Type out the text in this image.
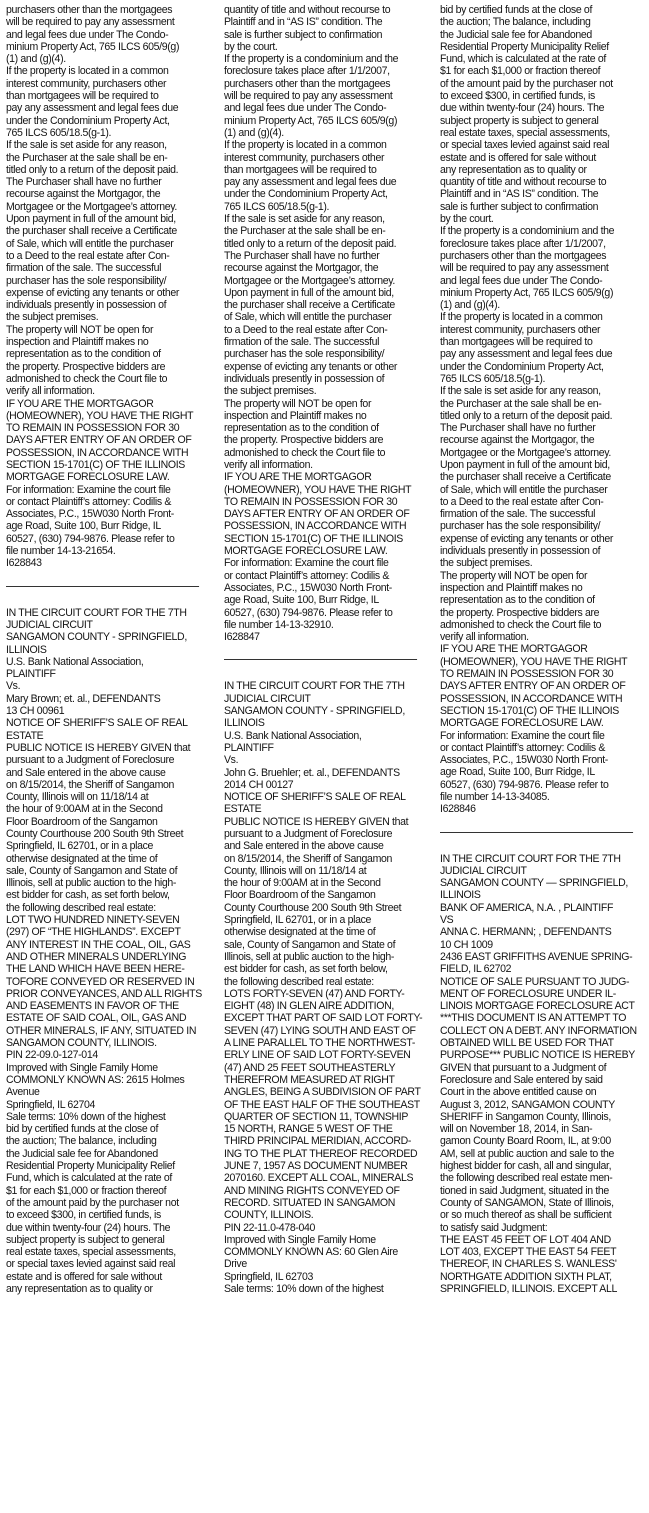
purchasers other than the mortgagees
will be required to pay any assessment
and legal fees due under The Condo-
minium Property Act, 765 ILCS 605/9(g)
(1) and (g)(4).
If the property is located in a common
interest community, purchasers other
than mortgagees will be required to
pay any assessment and legal fees due
under the Condominium Property Act,
765 ILCS 605/18.5(g-1).
If the sale is set aside for any reason,
the Purchaser at the sale shall be en-
titled only to a return of the deposit paid.
The Purchaser shall have no further
recourse against the Mortgagor, the
Mortgagee or the Mortgagee’s attorney.
Upon payment in full of the amount bid,
the purchaser shall receive a Certificate
of Sale, which will entitle the purchaser
to a Deed to the real estate after Con-
firmation of the sale. The successful
purchaser has the sole responsibility/
expense of evicting any tenants or other
individuals presently in possession of
the subject premises.
The property will NOT be open for
inspection and Plaintiff makes no
representation as to the condition of
the property. Prospective bidders are
admonished to check the Court file to
verify all information.
IF YOU ARE THE MORTGAGOR
(HOMEOWNER), YOU HAVE THE RIGHT
TO REMAIN IN POSSESSION FOR 30
DAYS AFTER ENTRY OF AN ORDER OF
POSSESSION, IN ACCORDANCE WITH
SECTION 15-1701(C) OF THE ILLINOIS
MORTGAGE FORECLOSURE LAW.
For information: Examine the court file
or contact Plaintiff’s attorney: Codilis &
Associates, P.C., 15W030 North Front-
age Road, Suite 100, Burr Ridge, IL
60527, (630) 794-9876. Please refer to
file number 14-13-21654.
I628843
IN THE CIRCUIT COURT FOR THE 7TH
JUDICIAL CIRCUIT
SANGAMON COUNTY - SPRINGFIELD,
ILLINOIS
U.S. Bank National Association,
PLAINTIFF
Vs.
Mary Brown; et. al., DEFENDANTS
13 CH 00961
NOTICE OF SHERIFF’S SALE OF REAL
ESTATE
PUBLIC NOTICE IS HEREBY GIVEN that
pursuant to a Judgment of Foreclosure
and Sale entered in the above cause
on 8/15/2014, the Sheriff of Sangamon
County, Illinois will on 11/18/14 at
the hour of 9:00AM at in the Second
Floor Boardroom of the Sangamon
County Courthouse 200 South 9th Street
Springfield, IL 62701, or in a place
otherwise designated at the time of
sale, County of Sangamon and State of
Illinois, sell at public auction to the high-
est bidder for cash, as set forth below,
the following described real estate:
LOT TWO HUNDRED NINETY-SEVEN
(297) OF “THE HIGHLANDS”. EXCEPT
ANY INTEREST IN THE COAL, OIL, GAS
AND OTHER MINERALS UNDERLYING
THE LAND WHICH HAVE BEEN HERE-
TOFORE CONVEYED OR RESERVED IN
PRIOR CONVEYANCES, AND ALL RIGHTS
AND EASEMENTS IN FAVOR OF THE
ESTATE OF SAID COAL, OIL, GAS AND
OTHER MINERALS, IF ANY, SITUATED IN
SANGAMON COUNTY, ILLINOIS.
PIN 22-09.0-127-014
Improved with Single Family Home
COMMONLY KNOWN AS: 2615 Holmes
Avenue
Springfield, IL 62704
Sale terms: 10% down of the highest
bid by certified funds at the close of
the auction; The balance, including
the Judicial sale fee for Abandoned
Residential Property Municipality Relief
Fund, which is calculated at the rate of
$1 for each $1,000 or fraction thereof
of the amount paid by the purchaser not
to exceed $300, in certified funds, is
due within twenty-four (24) hours. The
subject property is subject to general
real estate taxes, special assessments,
or special taxes levied against said real
estate and is offered for sale without
any representation as to quality or
quantity of title and without recourse to
Plaintiff and in “AS IS” condition. The
sale is further subject to confirmation
by the court.
If the property is a condominium and the
foreclosure takes place after 1/1/2007,
purchasers other than the mortgagees
will be required to pay any assessment
and legal fees due under The Condo-
minium Property Act, 765 ILCS 605/9(g)
(1) and (g)(4).
If the property is located in a common
interest community, purchasers other
than mortgagees will be required to
pay any assessment and legal fees due
under the Condominium Property Act,
765 ILCS 605/18.5(g-1).
If the sale is set aside for any reason,
the Purchaser at the sale shall be en-
titled only to a return of the deposit paid.
The Purchaser shall have no further
recourse against the Mortgagor, the
Mortgagee or the Mortgagee’s attorney.
Upon payment in full of the amount bid,
the purchaser shall receive a Certificate
of Sale, which will entitle the purchaser
to a Deed to the real estate after Con-
firmation of the sale. The successful
purchaser has the sole responsibility/
expense of evicting any tenants or other
individuals presently in possession of
the subject premises.
The property will NOT be open for
inspection and Plaintiff makes no
representation as to the condition of
the property. Prospective bidders are
admonished to check the Court file to
verify all information.
IF YOU ARE THE MORTGAGOR
(HOMEOWNER), YOU HAVE THE RIGHT
TO REMAIN IN POSSESSION FOR 30
DAYS AFTER ENTRY OF AN ORDER OF
POSSESSION, IN ACCORDANCE WITH
SECTION 15-1701(C) OF THE ILLINOIS
MORTGAGE FORECLOSURE LAW.
For information: Examine the court file
or contact Plaintiff’s attorney: Codilis &
Associates, P.C., 15W030 North Front-
age Road, Suite 100, Burr Ridge, IL
60527, (630) 794-9876. Please refer to
file number 14-13-32910.
I628847
IN THE CIRCUIT COURT FOR THE 7TH
JUDICIAL CIRCUIT
SANGAMON COUNTY - SPRINGFIELD,
ILLINOIS
U.S. Bank National Association,
PLAINTIFF
Vs.
John G. Bruehler; et. al., DEFENDANTS
2014 CH 00127
NOTICE OF SHERIFF’S SALE OF REAL
ESTATE
PUBLIC NOTICE IS HEREBY GIVEN that
pursuant to a Judgment of Foreclosure
and Sale entered in the above cause
on 8/15/2014, the Sheriff of Sangamon
County, Illinois will on 11/18/14 at
the hour of 9:00AM at in the Second
Floor Boardroom of the Sangamon
County Courthouse 200 South 9th Street
Springfield, IL 62701, or in a place
otherwise designated at the time of
sale, County of Sangamon and State of
Illinois, sell at public auction to the high-
est bidder for cash, as set forth below,
the following described real estate:
LOTS FORTY-SEVEN (47) AND FORTY-
EIGHT (48) IN GLEN AIRE ADDITION,
EXCEPT THAT PART OF SAID LOT FORTY-
SEVEN (47) LYING SOUTH AND EAST OF
A LINE PARALLEL TO THE NORTHWEST-
ERLY LINE OF SAID LOT FORTY-SEVEN
(47) AND 25 FEET SOUTHEASTERLY
THEREFROM MEASURED AT RIGHT
ANGLES, BEING A SUBDIVISION OF PART
OF THE EAST HALF OF THE SOUTHEAST
QUARTER OF SECTION 11, TOWNSHIP
15 NORTH, RANGE 5 WEST OF THE
THIRD PRINCIPAL MERIDIAN, ACCORD-
ING TO THE PLAT THEREOF RECORDED
JUNE 7, 1957 AS DOCUMENT NUMBER
2070160. EXCEPT ALL COAL, MINERALS
AND MINING RIGHTS CONVEYED OF
RECORD. SITUATED IN SANGAMON
COUNTY, ILLINOIS.
PIN 22-11.0-478-040
Improved with Single Family Home
COMMONLY KNOWN AS: 60 Glen Aire
Drive
Springfield, IL 62703
Sale terms: 10% down of the highest
bid by certified funds at the close of
the auction; The balance, including
the Judicial sale fee for Abandoned
Residential Property Municipality Relief
Fund, which is calculated at the rate of
$1 for each $1,000 or fraction thereof
of the amount paid by the purchaser not
to exceed $300, in certified funds, is
due within twenty-four (24) hours. The
subject property is subject to general
real estate taxes, special assessments,
or special taxes levied against said real
estate and is offered for sale without
any representation as to quality or
quantity of title and without recourse to
Plaintiff and in “AS IS” condition. The
sale is further subject to confirmation
by the court.
If the property is a condominium and the
foreclosure takes place after 1/1/2007,
purchasers other than the mortgagees
will be required to pay any assessment
and legal fees due under The Condo-
minium Property Act, 765 ILCS 605/9(g)
(1) and (g)(4).
If the property is located in a common
interest community, purchasers other
than mortgagees will be required to
pay any assessment and legal fees due
under the Condominium Property Act,
765 ILCS 605/18.5(g-1).
If the sale is set aside for any reason,
the Purchaser at the sale shall be en-
titled only to a return of the deposit paid.
The Purchaser shall have no further
recourse against the Mortgagor, the
Mortgagee or the Mortgagee’s attorney.
Upon payment in full of the amount bid,
the purchaser shall receive a Certificate
of Sale, which will entitle the purchaser
to a Deed to the real estate after Con-
firmation of the sale. The successful
purchaser has the sole responsibility/
expense of evicting any tenants or other
individuals presently in possession of
the subject premises.
The property will NOT be open for
inspection and Plaintiff makes no
representation as to the condition of
the property. Prospective bidders are
admonished to check the Court file to
verify all information.
IF YOU ARE THE MORTGAGOR
(HOMEOWNER), YOU HAVE THE RIGHT
TO REMAIN IN POSSESSION FOR 30
DAYS AFTER ENTRY OF AN ORDER OF
POSSESSION, IN ACCORDANCE WITH
SECTION 15-1701(C) OF THE ILLINOIS
MORTGAGE FORECLOSURE LAW.
For information: Examine the court file
or contact Plaintiff’s attorney: Codilis &
Associates, P.C., 15W030 North Front-
age Road, Suite 100, Burr Ridge, IL
60527, (630) 794-9876. Please refer to
file number 14-13-34085.
I628846
IN THE CIRCUIT COURT FOR THE 7TH
JUDICIAL CIRCUIT
SANGAMON COUNTY — SPRINGFIELD,
ILLINOIS
BANK OF AMERICA, N.A. , PLAINTIFF
VS
ANNA C. HERMANN; , DEFENDANTS
10 CH 1009
2436 EAST GRIFFITHS AVENUE SPRING-
FIELD, IL 62702
NOTICE OF SALE PURSUANT TO JUDG-
MENT OF FORECLOSURE UNDER IL-
LINOIS MORTGAGE FORECLOSURE ACT
***THIS DOCUMENT IS AN ATTEMPT TO
COLLECT ON A DEBT. ANY INFORMATION
OBTAINED WILL BE USED FOR THAT
PURPOSE*** PUBLIC NOTICE IS HEREBY
GIVEN that pursuant to a Judgment of
Foreclosure and Sale entered by said
Court in the above entitled cause on
August 3, 2012, SANGAMON COUNTY
SHERIFF in Sangamon County, Illinois,
will on November 18, 2014, in San-
gamon County Board Room, IL, at 9:00
AM, sell at public auction and sale to the
highest bidder for cash, all and singular,
the following described real estate men-
tioned in said Judgment, situated in the
County of SANGAMON, State of Illinois,
or so much thereof as shall be sufficient
to satisfy said Judgment:
THE EAST 45 FEET OF LOT 404 AND
LOT 403, EXCEPT THE EAST 54 FEET
THEREOF, IN CHARLES S. WANLESS'
NORTHGATE ADDITION SIXTH PLAT,
SPRINGFIELD, ILLINOIS. EXCEPT ALL
